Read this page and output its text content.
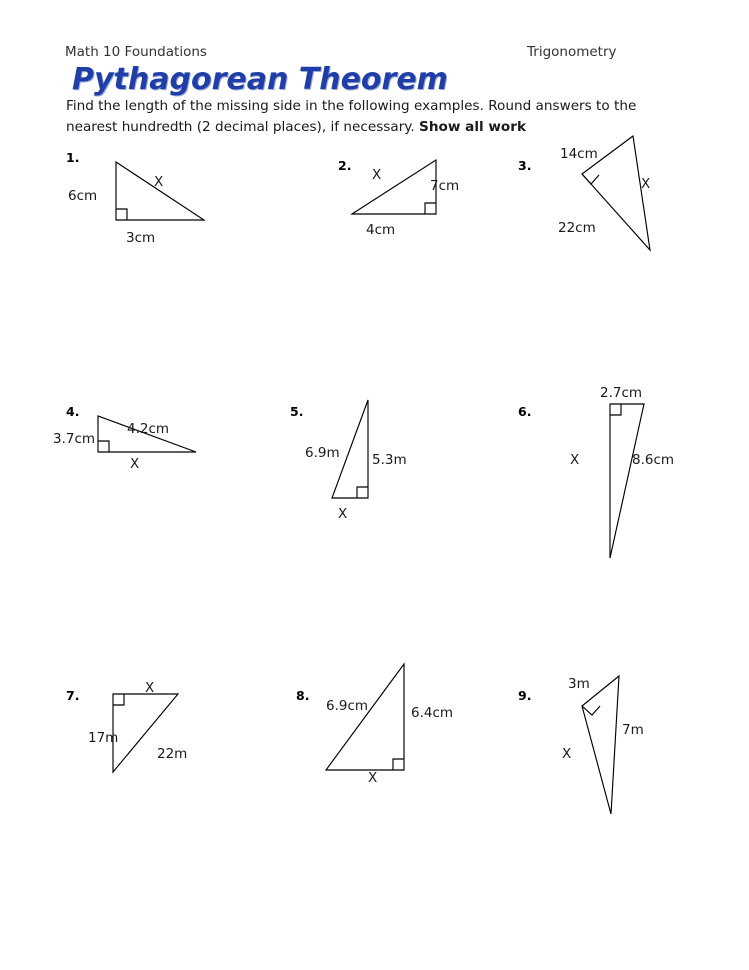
Math 10 Foundations	Trigonometry
Pythagorean Theorem
Find the length of the missing side in the following examples. Round answers to the nearest hundredth (2 decimal places), if necessary. Show all work
1.
6cm
X
3cm
2.
X
7cm
4cm
3.
14cm
X
22cm
4.
3.7cm
4.2cm
X
5.
6.9m 5.3m
X
6.
2.7cm
X	8.6cm
7.	X
17m
22m
8.
6.9cm	6.4cm
X
9.
3m
7m
X
